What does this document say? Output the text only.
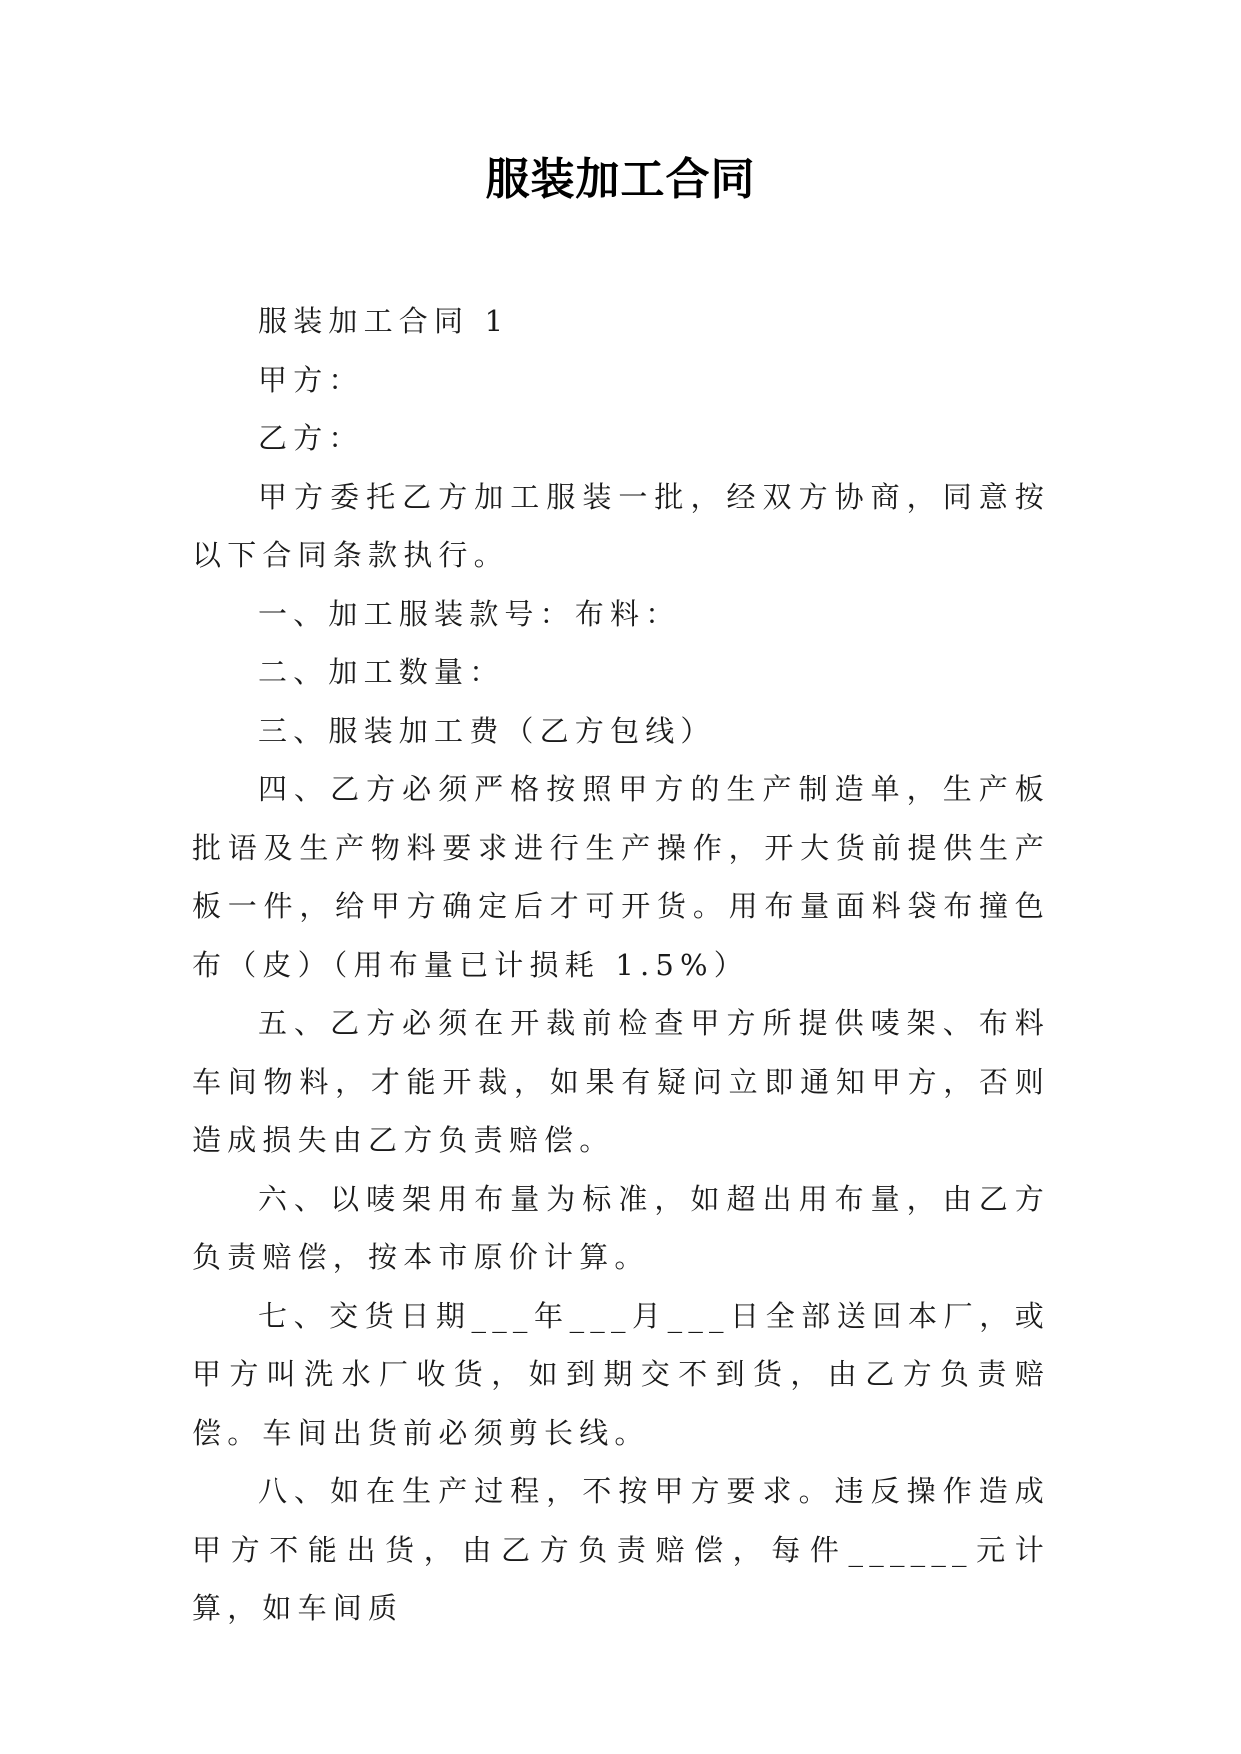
服装加工合同

服装加工合同 1

甲方：

乙方：

甲方委托乙方加工服装一批，经双方协商，同意按以下合同条款执行。

一、加工服装款号：布料：

二、加工数量：

三、服装加工费（乙方包线）

四、乙方必须严格按照甲方的生产制造单，生产板批语及生产物料要求进行生产操作，开大货前提供生产板一件，给甲方确定后才可开货。用布量面料袋布撞色布（皮）（用布量已计损耗 1.5%）

五、乙方必须在开裁前检查甲方所提供唛架、布料车间物料，才能开裁，如果有疑问立即通知甲方，否则造成损失由乙方负责赔偿。

六、以唛架用布量为标准，如超出用布量，由乙方负责赔偿，按本市原价计算。

七、交货日期___年___月___日全部送回本厂，或甲方叫洗水厂收货，如到期交不到货，由乙方负责赔偿。车间出货前必须剪长线。

八、如在生产过程，不按甲方要求。违反操作造成甲方不能出货，由乙方负责赔偿，每件______元计算，如车间质
